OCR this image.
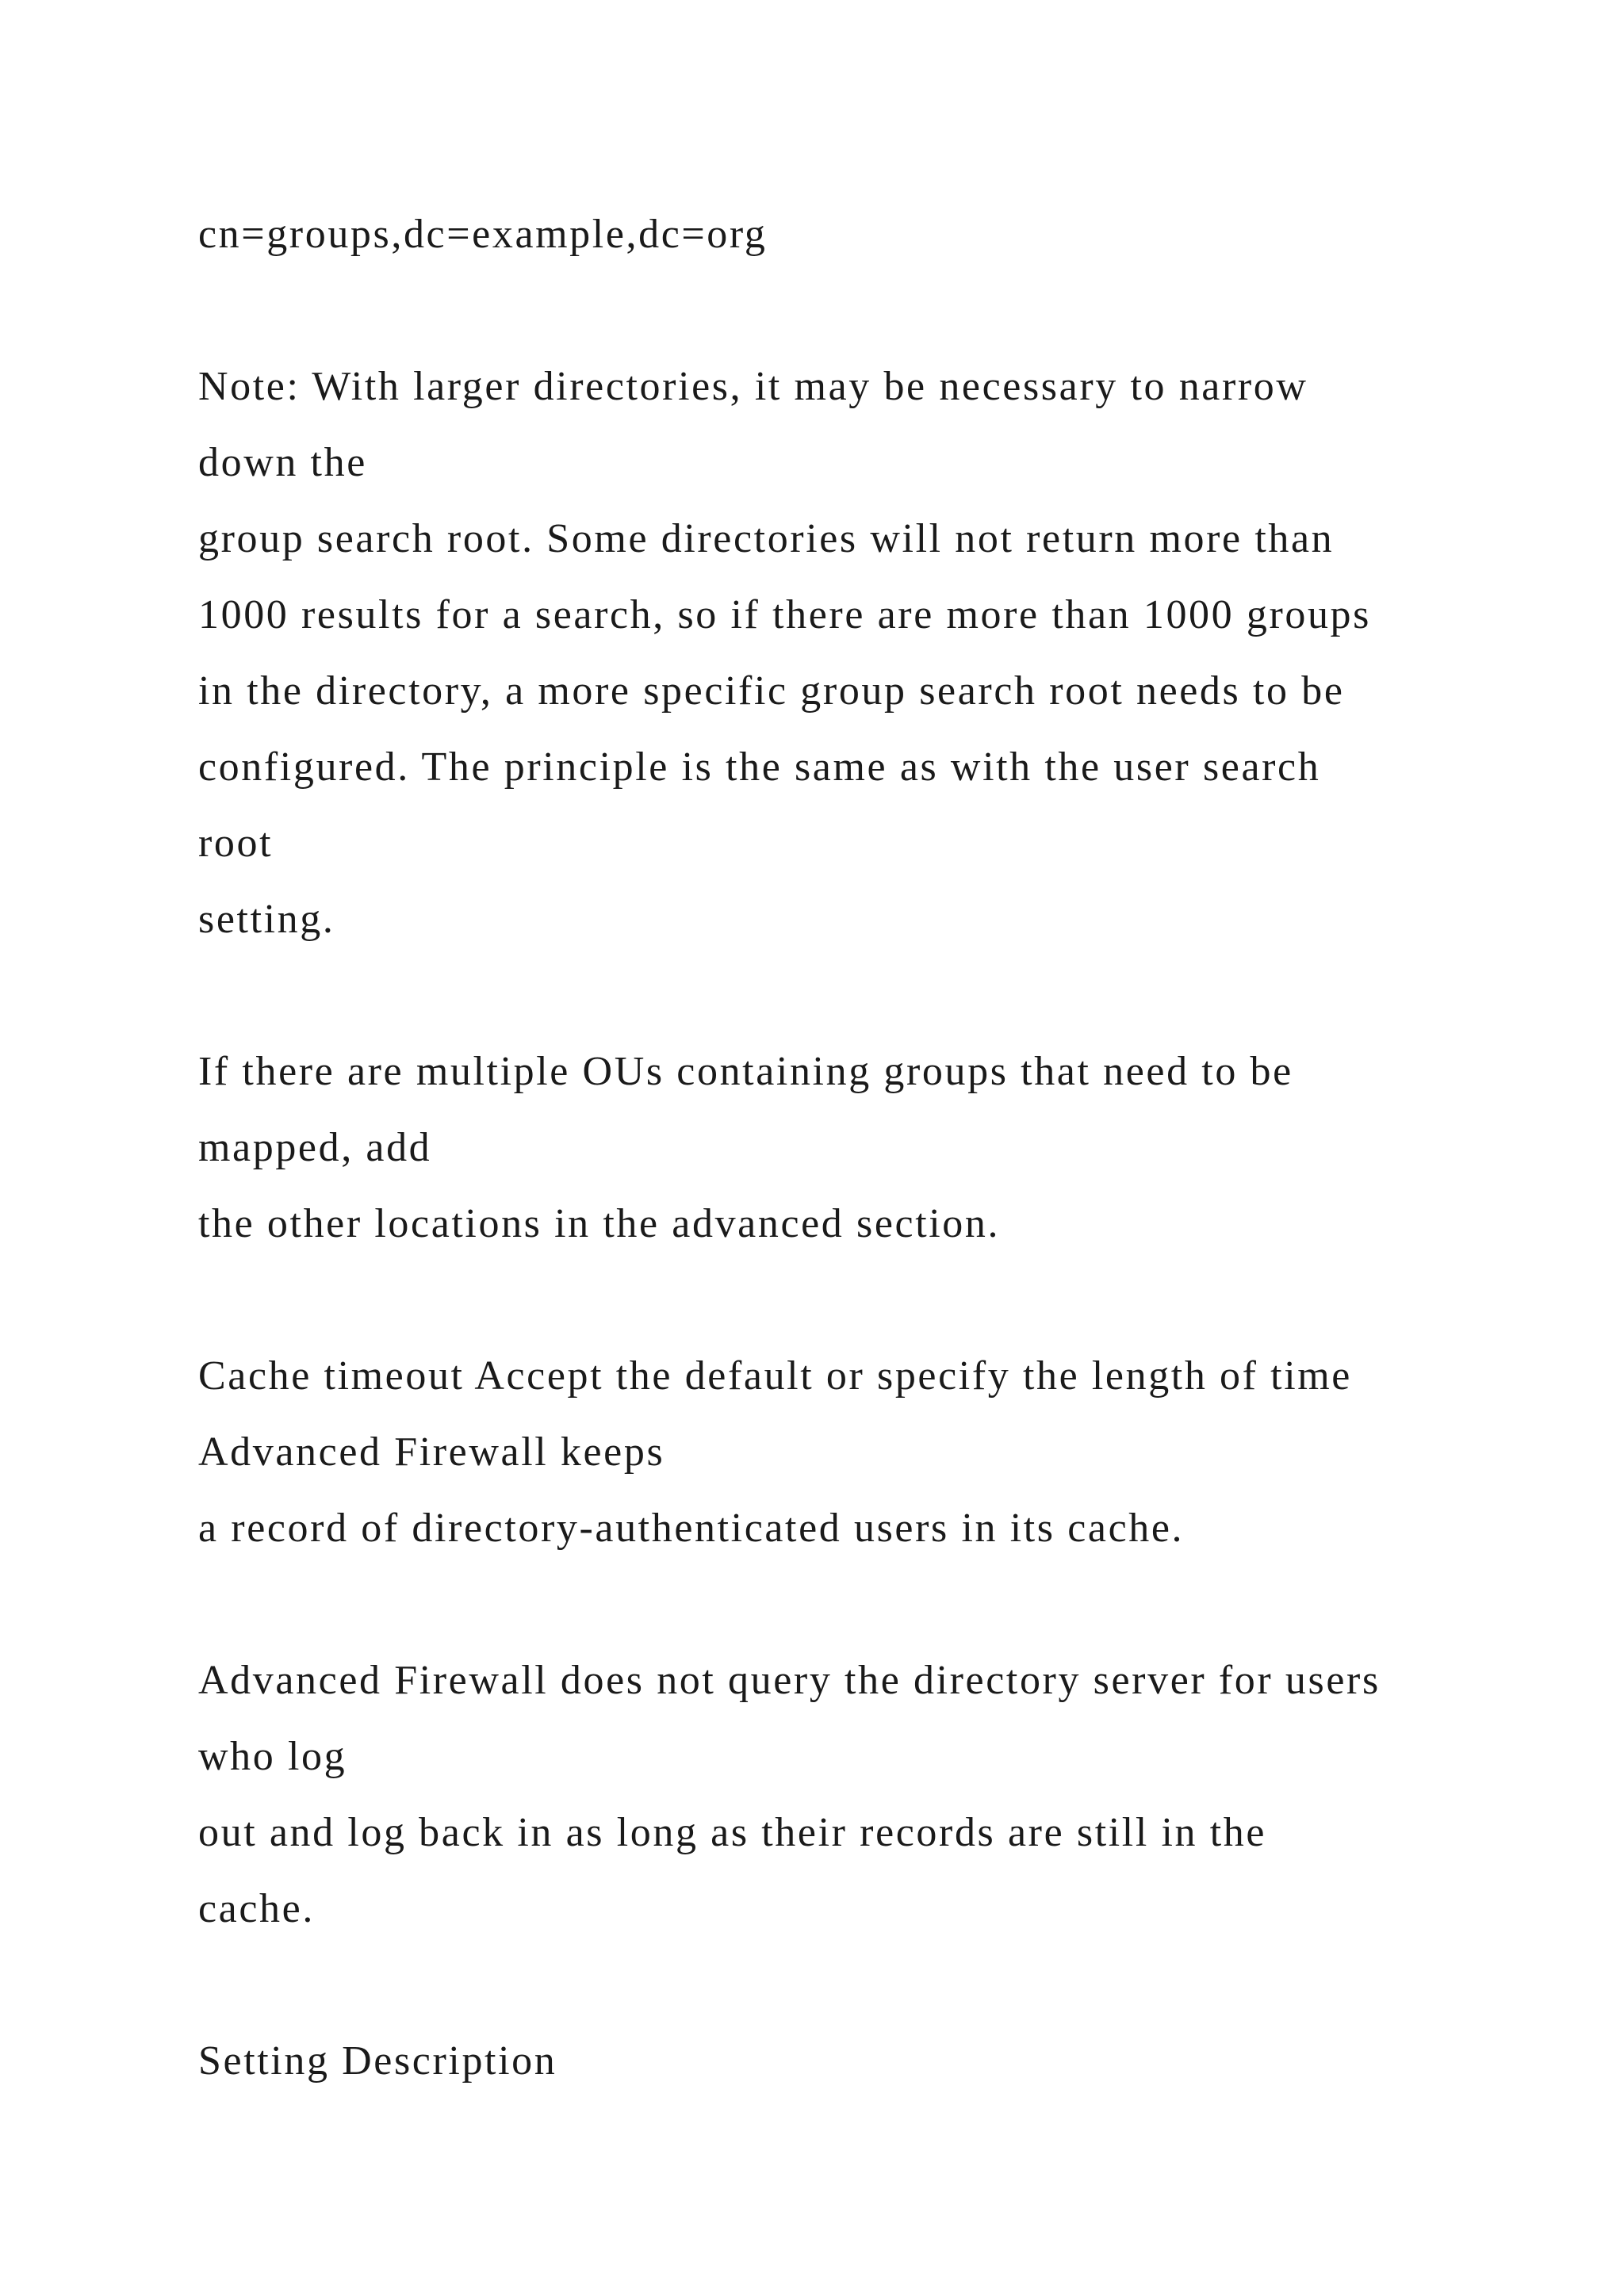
cn=groups,dc=example,dc=org
Note: With larger directories, it may be necessary to narrow
down the
group search root. Some directories will not return more than
1000 results for a search, so if there are more than 1000 groups
in the directory, a more specific group search root needs to be
configured. The principle is the same as with the user search
root
setting.
If there are multiple OUs containing groups that need to be
mapped, add
the other locations in the advanced section.
Cache timeout Accept the default or specify the length of time
Advanced Firewall keeps
a record of directory-authenticated users in its cache.
Advanced Firewall does not query the directory server for users
who log
out and log back in as long as their records are still in the
cache.
Setting Description
